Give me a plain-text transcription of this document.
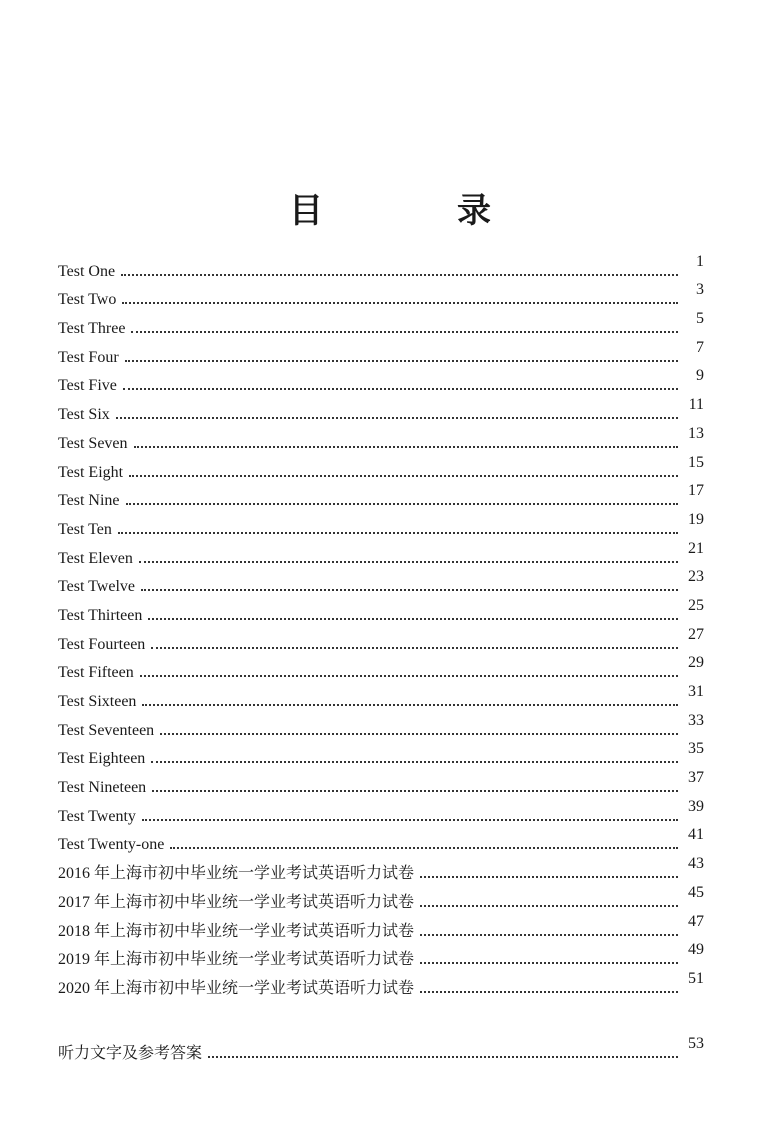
目　录
Test One
1
Test Two
3
Test Three
5
Test Four
7
Test Five
9
Test Six
11
Test Seven
13
Test Eight
15
Test Nine
17
Test Ten
19
Test Eleven
21
Test Twelve
23
Test Thirteen
25
Test Fourteen
27
Test Fifteen
29
Test Sixteen
31
Test Seventeen
33
Test Eighteen
35
Test Nineteen
37
Test Twenty
39
Test Twenty-one
41
2016 年上海市初中毕业统一学业考试英语听力试卷
43
2017 年上海市初中毕业统一学业考试英语听力试卷
45
2018 年上海市初中毕业统一学业考试英语听力试卷
47
2019 年上海市初中毕业统一学业考试英语听力试卷
49
2020 年上海市初中毕业统一学业考试英语听力试卷
51
听力文字及参考答案
53
